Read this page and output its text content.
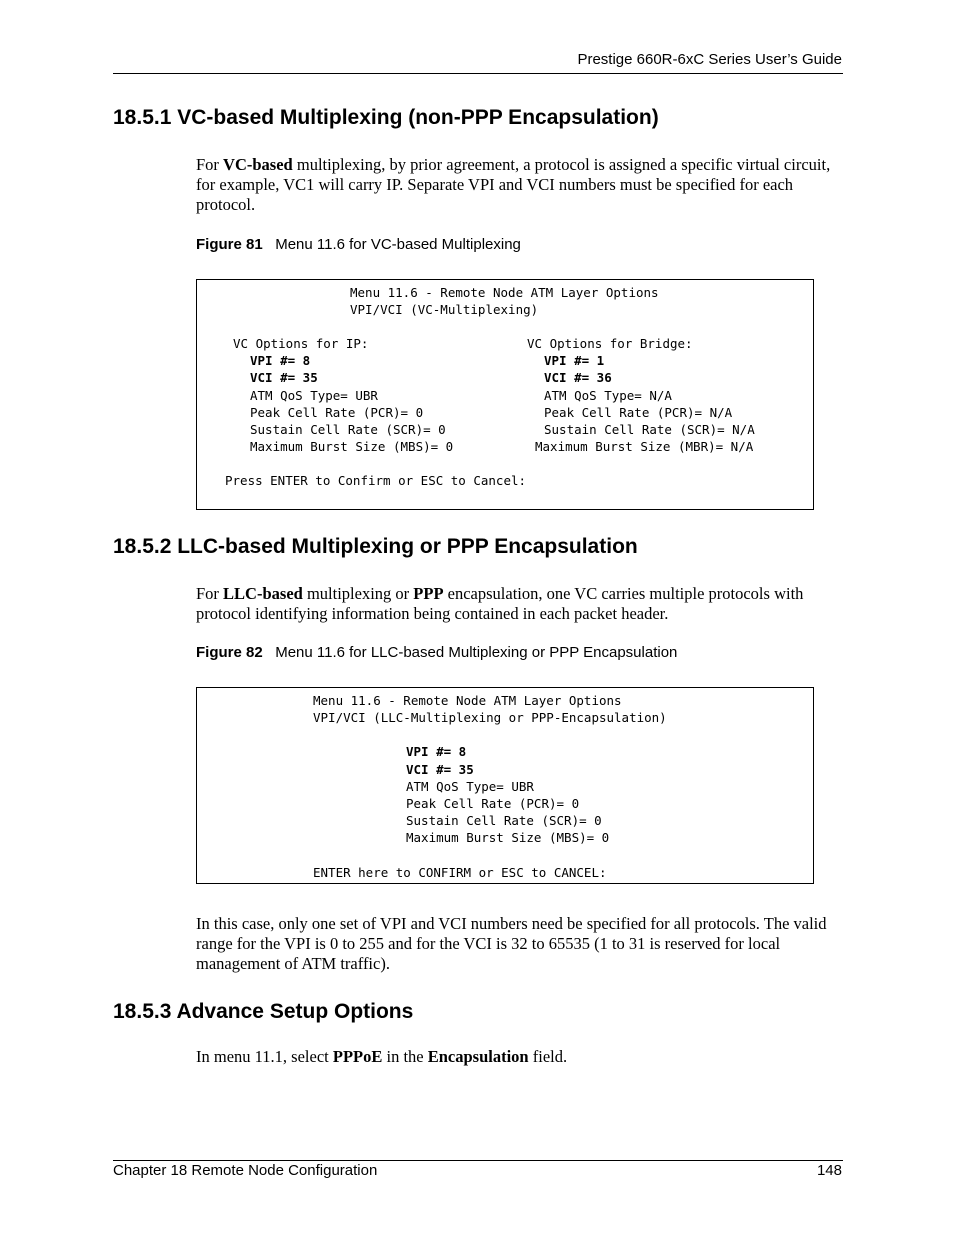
Prestige 660R-6xC Series User’s Guide
18.5.1 VC-based Multiplexing (non-PPP Encapsulation)
For VC-based multiplexing, by prior agreement, a protocol is assigned a specific virtual circuit, for example, VC1 will carry IP. Separate VPI and VCI numbers must be specified for each protocol.
Figure 81 Menu 11.6 for VC-based Multiplexing
Menu 11.6 - Remote Node ATM Layer Options
VPI/VCI (VC-Multiplexing)
VC Options for IP:
VPI #= 8
VCI #= 35
ATM QoS Type= UBR
Peak Cell Rate (PCR)= 0
Sustain Cell Rate (SCR)= 0
Maximum Burst Size (MBS)= 0
VC Options for Bridge:
VPI #= 1
VCI #= 36
ATM QoS Type= N/A
Peak Cell Rate (PCR)= N/A
Sustain Cell Rate (SCR)= N/A
Maximum Burst Size (MBR)= N/A
Press ENTER to Confirm or ESC to Cancel:
18.5.2 LLC-based Multiplexing or PPP Encapsulation
For LLC-based multiplexing or PPP encapsulation, one VC carries multiple protocols with protocol identifying information being contained in each packet header.
Figure 82 Menu 11.6 for LLC-based Multiplexing or PPP Encapsulation
Menu 11.6 - Remote Node ATM Layer Options
VPI/VCI (LLC-Multiplexing or PPP-Encapsulation)
VPI #= 8
VCI #= 35
ATM QoS Type= UBR
Peak Cell Rate (PCR)= 0
Sustain Cell Rate (SCR)= 0
Maximum Burst Size (MBS)= 0
ENTER here to CONFIRM or ESC to CANCEL:
In this case, only one set of VPI and VCI numbers need be specified for all protocols. The valid range for the VPI is 0 to 255 and for the VCI is 32 to 65535 (1 to 31 is reserved for local management of ATM traffic).
18.5.3 Advance Setup Options
In menu 11.1, select PPPoE in the Encapsulation field.
Chapter 18 Remote Node Configuration	148
